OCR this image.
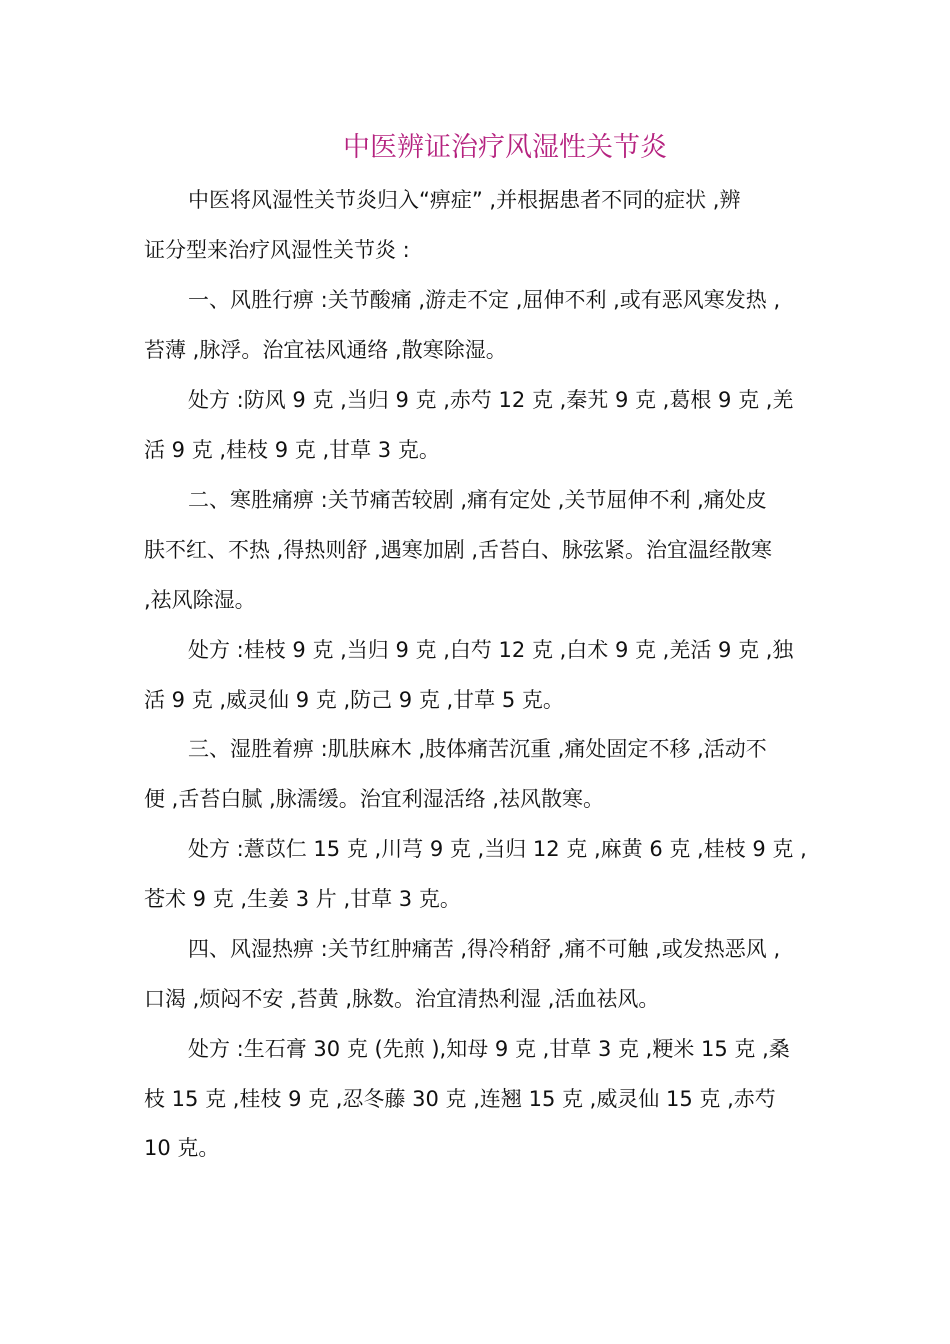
中医辨证治疗风湿性关节炎
中医将风湿性关节炎归入“痹症” ,并根据患者不同的症状 ,辨
证分型来治疗风湿性关节炎 :
一、风胜行痹 :关节酸痛 ,游走不定 ,屈伸不利 ,或有恶风寒发热 ,
苔薄 ,脉浮。治宜祛风通络 ,散寒除湿。
处方 :防风 9 克 ,当归 9 克 ,赤芍 12 克 ,秦艽 9 克 ,葛根 9 克 ,羌
活 9 克 ,桂枝 9 克 ,甘草 3 克。
二、寒胜痛痹 :关节痛苦较剧 ,痛有定处 ,关节屈伸不利 ,痛处皮
肤不红、不热 ,得热则舒 ,遇寒加剧 ,舌苔白、脉弦紧。治宜温经散寒
,祛风除湿。
处方 :桂枝 9 克 ,当归 9 克 ,白芍 12 克 ,白术 9 克 ,羌活 9 克 ,独
活 9 克 ,威灵仙 9 克 ,防己 9 克 ,甘草 5 克。
三、湿胜着痹 :肌肤麻木 ,肢体痛苦沉重 ,痛处固定不移 ,活动不
便 ,舌苔白腻 ,脉濡缓。治宜利湿活络 ,祛风散寒。
处方 :薏苡仁 15 克 ,川芎 9 克 ,当归 12 克 ,麻黄 6 克 ,桂枝 9 克 ,
苍术 9 克 ,生姜 3 片 ,甘草 3 克。
四、风湿热痹 :关节红肿痛苦 ,得冷稍舒 ,痛不可触 ,或发热恶风 ,
口渴 ,烦闷不安 ,苔黄 ,脉数。治宜清热利湿 ,活血祛风。
处方 :生石膏 30 克 (先煎 ),知母 9 克 ,甘草 3 克 ,粳米 15 克 ,桑
枝 15 克 ,桂枝 9 克 ,忍冬藤 30 克 ,连翘 15 克 ,威灵仙 15 克 ,赤芍
10 克。
